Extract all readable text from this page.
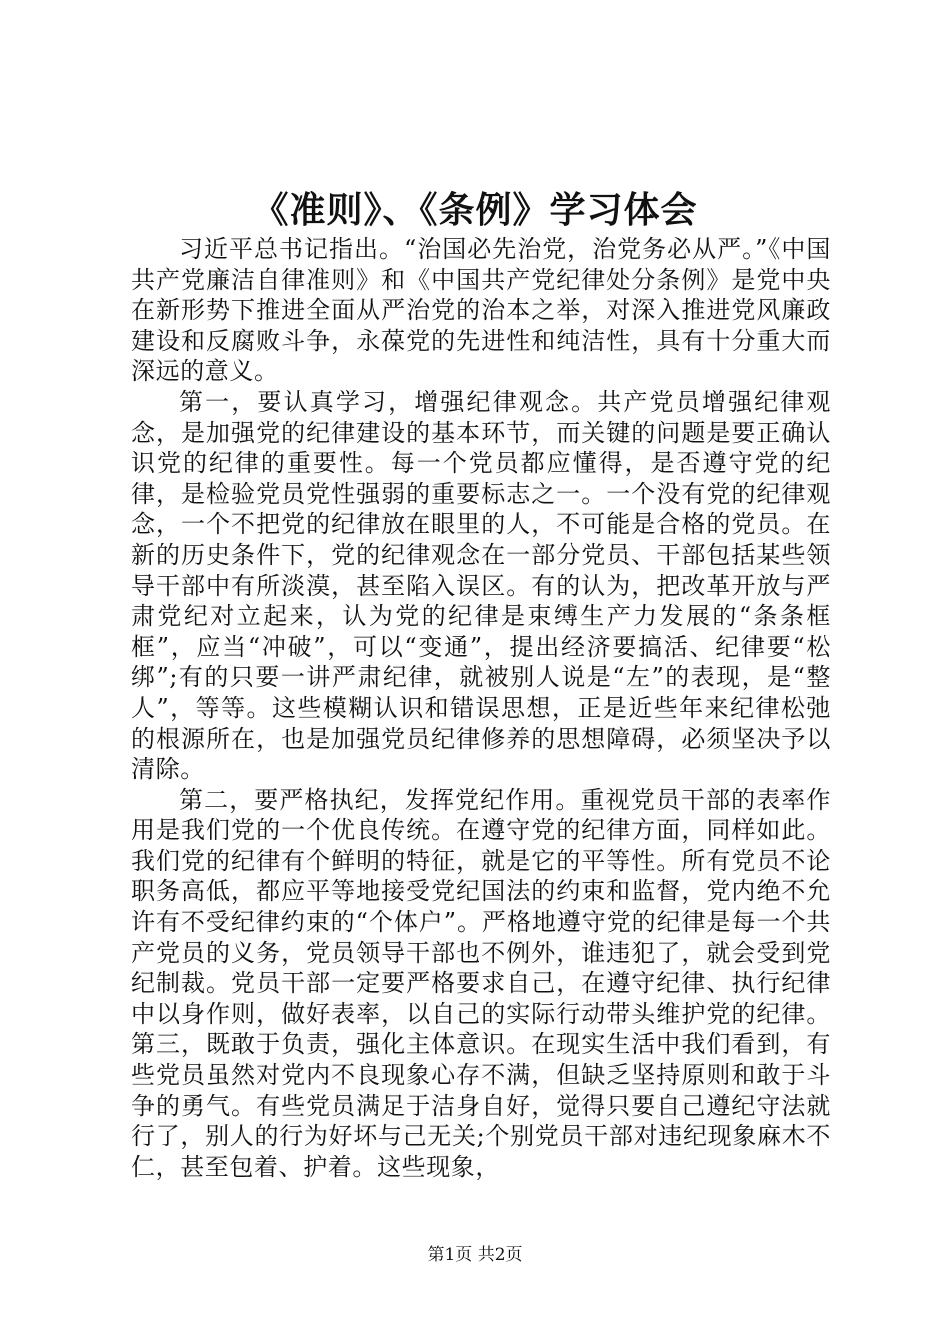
《准则》、《条例》学习体会

习近平总书记指出。“治国必先治党，治党务必从严。”《中国共产党廉洁自律准则》和《中国共产党纪律处分条例》是党中央在新形势下推进全面从严治党的治本之举，对深入推进党风廉政建设和反腐败斗争，永葆党的先进性和纯洁性，具有十分重大而深远的意义。

第一，要认真学习，增强纪律观念。共产党员增强纪律观念，是加强党的纪律建设的基本环节，而关键的问题是要正确认识党的纪律的重要性。每一个党员都应懂得，是否遵守党的纪律，是检验党员党性强弱的重要标志之一。一个没有党的纪律观念，一个不把党的纪律放在眼里的人，不可能是合格的党员。在新的历史条件下，党的纪律观念在一部分党员、干部包括某些领导干部中有所淡漠，甚至陷入误区。有的认为，把改革开放与严肃党纪对立起来，认为党的纪律是束缚生产力发展的“条条框框”，应当“冲破”，可以“变通”，提出经济要搞活、纪律要“松绑”;有的只要一讲严肃纪律，就被别人说是“左”的表现，是“整人”，等等。这些模糊认识和错误思想，正是近些年来纪律松弛的根源所在，也是加强党员纪律修养的思想障碍，必须坚决予以清除。

第二，要严格执纪，发挥党纪作用。重视党员干部的表率作用是我们党的一个优良传统。在遵守党的纪律方面，同样如此。我们党的纪律有个鲜明的特征，就是它的平等性。所有党员不论职务高低，都应平等地接受党纪国法的约束和监督，党内绝不允许有不受纪律约束的“个体户”。严格地遵守党的纪律是每一个共产党员的义务，党员领导干部也不例外，谁违犯了，就会受到党纪制裁。党员干部一定要严格要求自己，在遵守纪律、执行纪律中以身作则，做好表率，以自己的实际行动带头维护党的纪律。第三，既敢于负责，强化主体意识。在现实生活中我们看到，有些党员虽然对党内不良现象心存不满，但缺乏坚持原则和敢于斗争的勇气。有些党员满足于洁身自好，觉得只要自己遵纪守法就行了，别人的行为好坏与己无关;个别党员干部对违纪现象麻木不仁，甚至包着、护着。这些现象，

第1页 共2页
